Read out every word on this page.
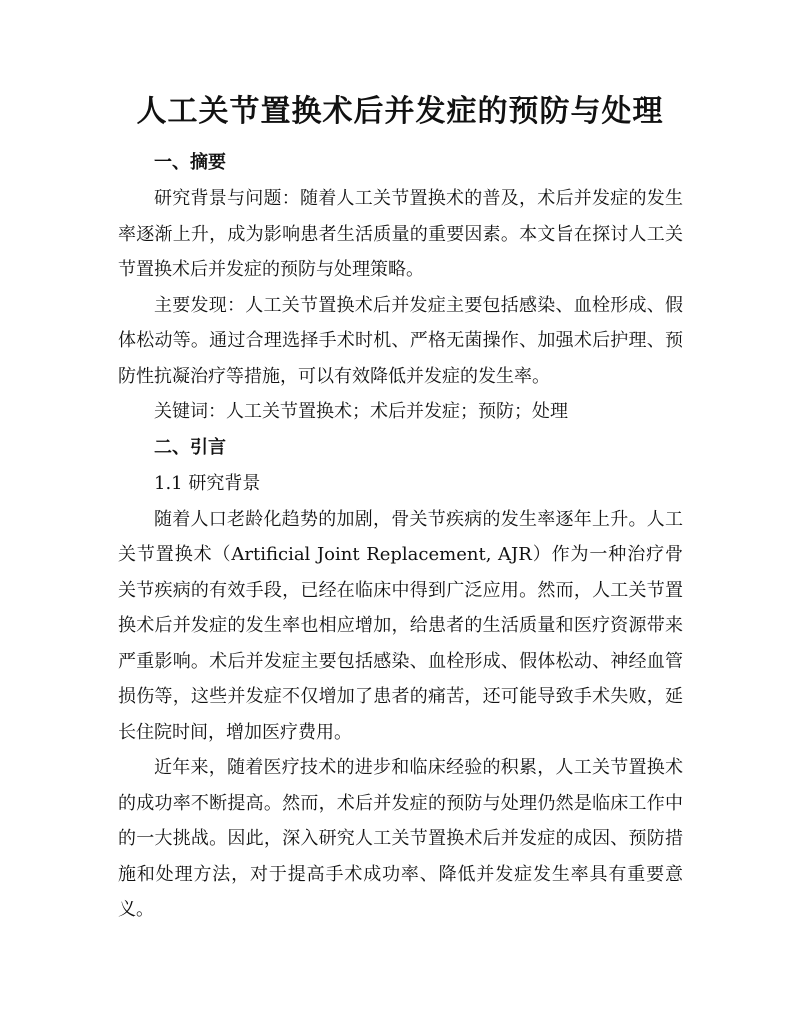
人工关节置换术后并发症的预防与处理

一、摘要

研究背景与问题：随着人工关节置换术的普及，术后并发症的发生率逐渐上升，成为影响患者生活质量的重要因素。本文旨在探讨人工关节置换术后并发症的预防与处理策略。

主要发现：人工关节置换术后并发症主要包括感染、血栓形成、假体松动等。通过合理选择手术时机、严格无菌操作、加强术后护理、预防性抗凝治疗等措施，可以有效降低并发症的发生率。

关键词：人工关节置换术；术后并发症；预防；处理

二、引言

1.1 研究背景

随着人口老龄化趋势的加剧，骨关节疾病的发生率逐年上升。人工关节置换术（Artificial Joint Replacement, AJR）作为一种治疗骨关节疾病的有效手段，已经在临床中得到广泛应用。然而，人工关节置换术后并发症的发生率也相应增加，给患者的生活质量和医疗资源带来严重影响。术后并发症主要包括感染、血栓形成、假体松动、神经血管损伤等，这些并发症不仅增加了患者的痛苦，还可能导致手术失败，延长住院时间，增加医疗费用。

近年来，随着医疗技术的进步和临床经验的积累，人工关节置换术的成功率不断提高。然而，术后并发症的预防与处理仍然是临床工作中的一大挑战。因此，深入研究人工关节置换术后并发症的成因、预防措施和处理方法，对于提高手术成功率、降低并发症发生率具有重要意义。
